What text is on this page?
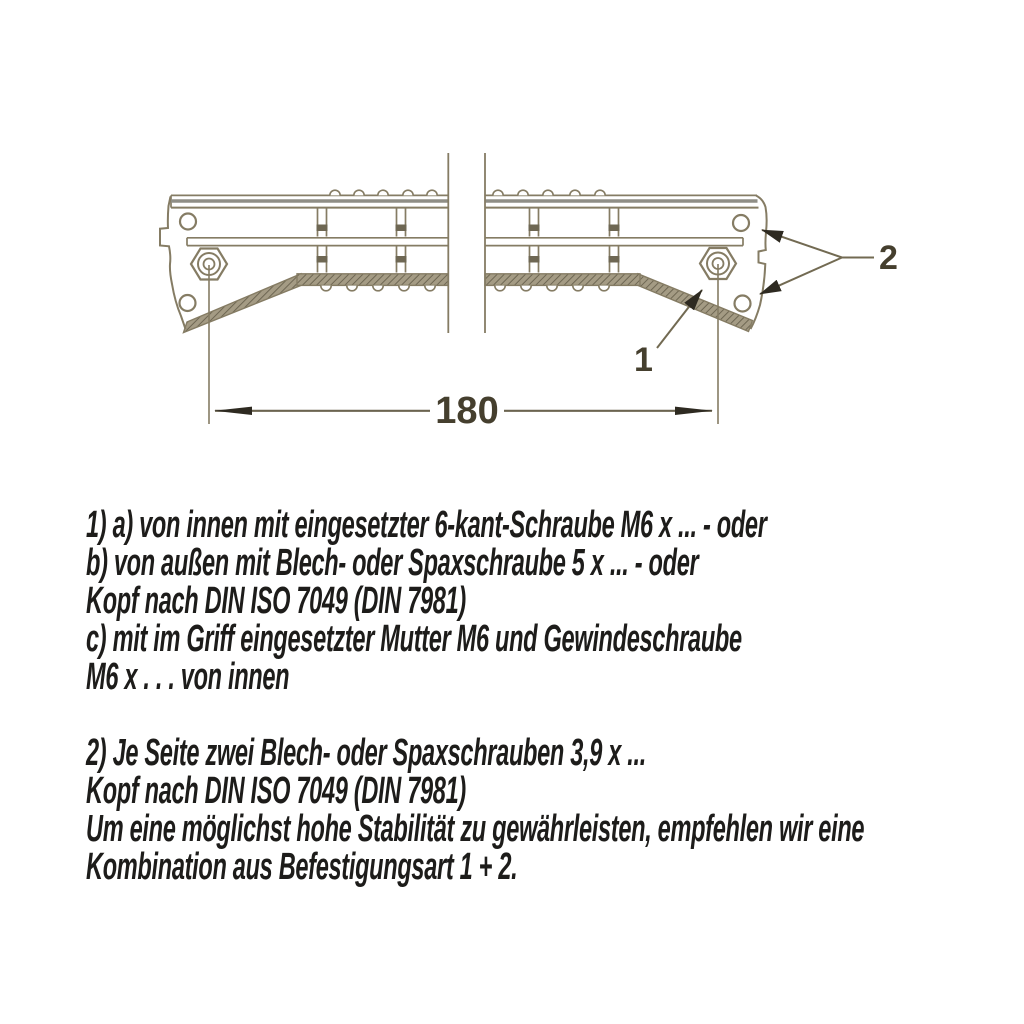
180
1
2
1) a) von innen mit eingesetzter 6-kant-Schraube M6 x ... - oder
b) von außen mit Blech- oder Spaxschraube 5 x ... - oder
Kopf nach DIN ISO 7049 (DIN 7981)
c) mit im Griff eingesetzter Mutter M6 und Gewindeschraube
M6 x . . . von innen
2) Je Seite zwei Blech- oder Spaxschrauben 3,9 x ...
Kopf nach DIN ISO 7049 (DIN 7981)
Um eine möglichst hohe Stabilität zu gewährleisten, empfehlen wir eine
Kombination aus Befestigungsart 1 + 2.
